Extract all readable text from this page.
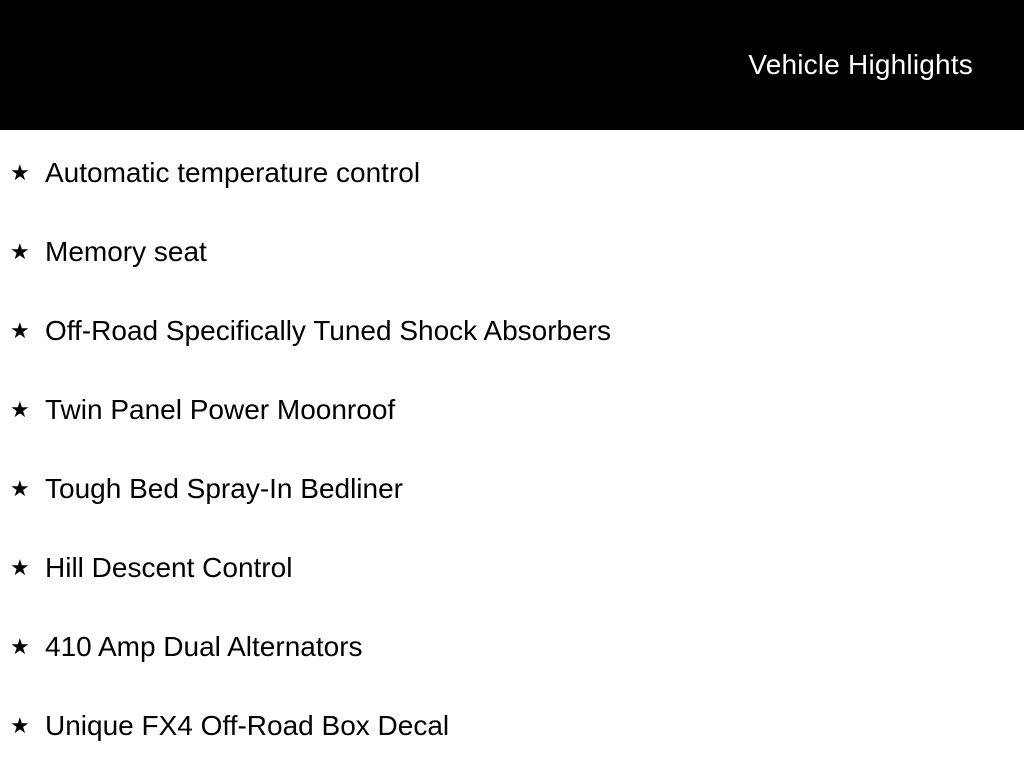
Vehicle Highlights
★ Automatic temperature control
★ Memory seat
★ Off-Road Specifically Tuned Shock Absorbers
★ Twin Panel Power Moonroof
★ Tough Bed Spray-In Bedliner
★ Hill Descent Control
★ 410 Amp Dual Alternators
★ Unique FX4 Off-Road Box Decal
